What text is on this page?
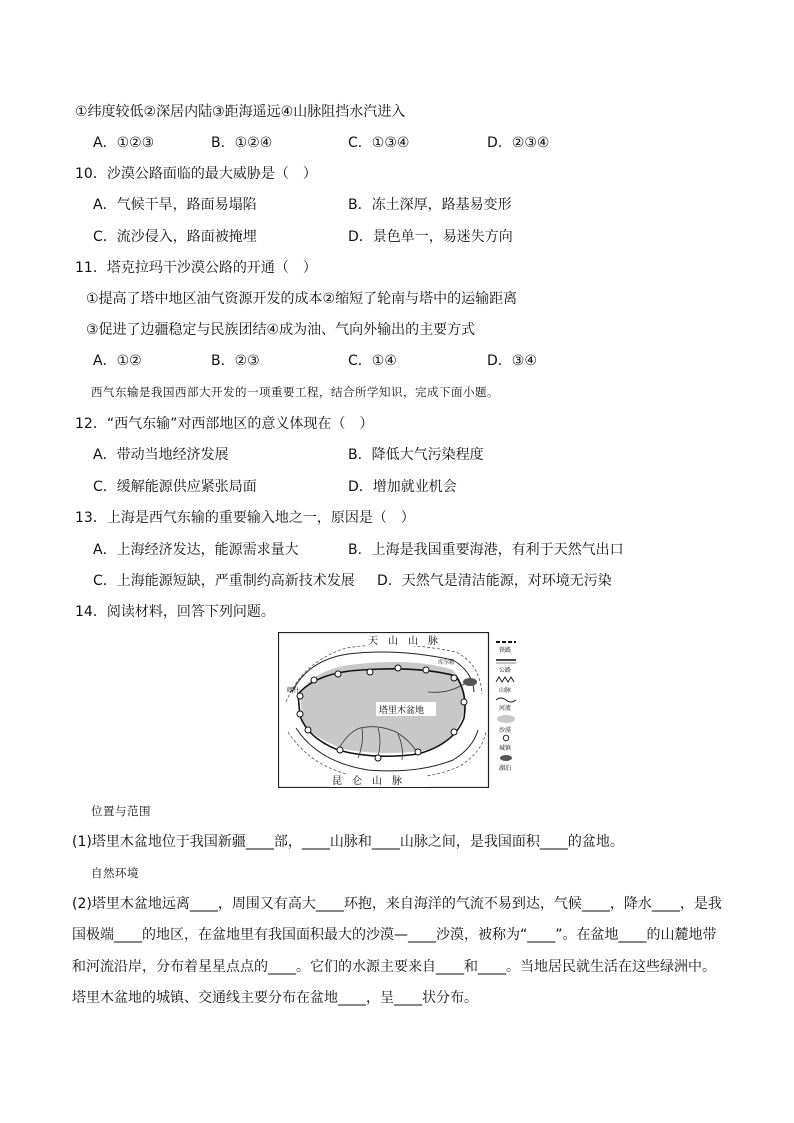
①纬度较低②深居内陆③距海遥远④山脉阻挡水汽进入
A．①②③	B．①②④	C．①③④	D．②③④
10．沙漠公路面临的最大威胁是（　）
A．气候干旱，路面易塌陷	B．冻土深厚，路基易变形
C．流沙侵入，路面被掩埋	D．景色单一，易迷失方向
11．塔克拉玛干沙漠公路的开通（　）
①提高了塔中地区油气资源开发的成本②缩短了轮南与塔中的运输距离
③促进了边疆稳定与民族团结④成为油、气向外输出的主要方式
A．①②	B．②③	C．①④	D．③④
西气东输是我国西部大开发的一项重要工程，结合所学知识，完成下面小题。
12．“西气东输”对西部地区的意义体现在（　）
A．带动当地经济发展	B．降低大气污染程度
C．缓解能源供应紧张局面	D．增加就业机会
13．上海是西气东输的重要输入地之一，原因是（　）
A．上海经济发达，能源需求量大	B．上海是我国重要海港，有利于天然气出口
C．上海能源短缺，严重制约高新技术发展 D．天然气是清洁能源，对环境无污染
14．阅读材料，回答下列问题。
天　山　山　脉
塔里木盆地
昆　仑　山　脉
喀什
库尔勒
铁路
公路
山脉
河流
沙漠
城镇
湖泊
位置与范围
(1)塔里木盆地位于我国新疆____部，____山脉和____山脉之间，是我国面积____的盆地。
自然环境
(2)塔里木盆地远离____，周围又有高大____环抱，来自海洋的气流不易到达，气候____，降水____，是我
国极端____的地区，在盆地里有我国面积最大的沙漠—____沙漠，被称为“____”。在盆地____的山麓地带
和河流沿岸，分布着星星点点的____。它们的水源主要来自____和____。当地居民就生活在这些绿洲中。
塔里木盆地的城镇、交通线主要分布在盆地____，呈____状分布。
